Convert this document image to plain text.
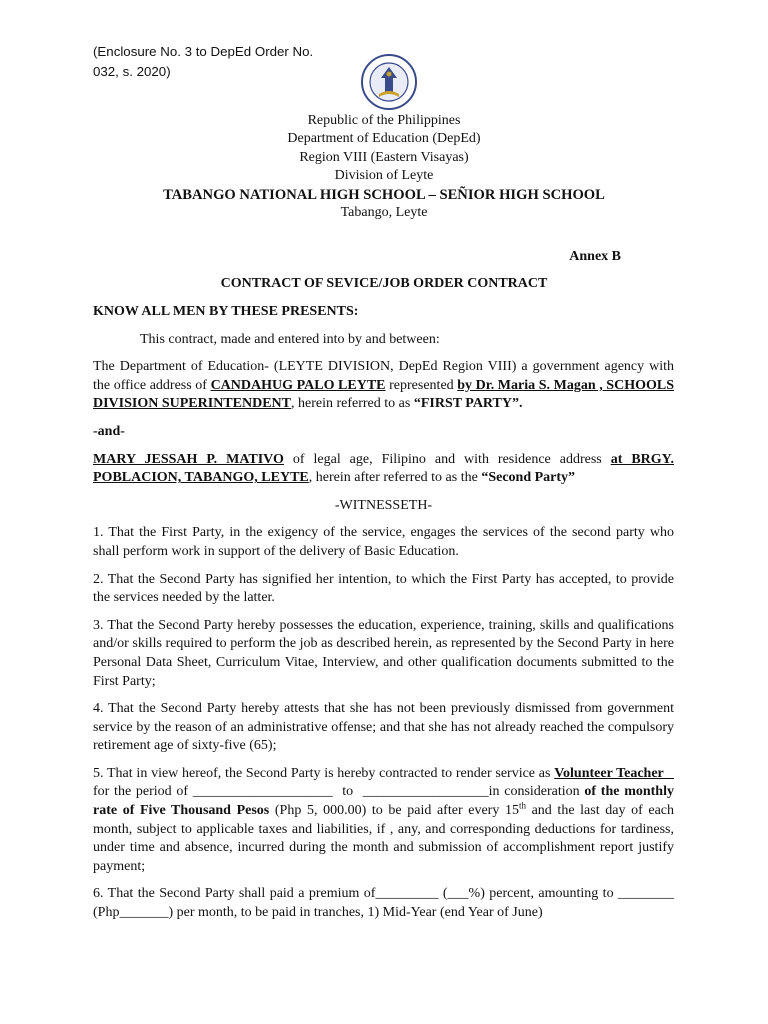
(Enclosure No. 3 to DepEd Order No. 032, s. 2020)
Republic of the Philippines
Department of Education (DepEd)
Region VIII (Eastern Visayas)
Division of Leyte
TABANGO NATIONAL HIGH SCHOOL – SEÑIOR HIGH SCHOOL
Tabango, Leyte
Annex B
CONTRACT OF SEVICE/JOB ORDER CONTRACT

KNOW ALL MEN BY THESE PRESENTS:

This contract, made and entered into by and between:

The Department of Education- (LEYTE DIVISION, DepEd Region VIII) a government agency with the office address of CANDAHUG PALO LEYTE represented by Dr. Maria S. Magan , SCHOOLS DIVISION SUPERINTENDENT, herein referred to as “FIRST PARTY”.

-and-

MARY JESSAH P. MATIVO of legal age, Filipino and with residence address at BRGY. POBLACION, TABANGO, LEYTE, herein after referred to as the “Second Party”

-WITNESSETH-

1. That the First Party, in the exigency of the service, engages the services of the second party who shall perform work in support of the delivery of Basic Education.

2. That the Second Party has signified her intention, to which the First Party has accepted, to provide the services needed by the latter.

3. That the Second Party hereby possesses the education, experience, training, skills and qualifications and/or skills required to perform the job as described herein, as represented by the Second Party in here Personal Data Sheet, Curriculum Vitae, Interview, and other qualification documents submitted to the First Party;

4. That the Second Party hereby attests that she has not been previously dismissed from government service by the reason of an administrative offense; and that she has not already reached the compulsory retirement age of sixty-five (65);

5. That in view hereof, the Second Party is hereby contracted to render service as Volunteer Teacher       for the period of ____________________  to  __________________in consideration of the monthly rate of Five Thousand Pesos (Php 5, 000.00) to be paid after every 15th and the last day of each month, subject to applicable taxes and liabilities, if , any, and corresponding deductions for tardiness, under time and absence, incurred during the month and submission of accomplishment report justify payment;

6. That the Second Party shall paid a premium of_________ (___%) percent, amounting to ________ (Php_______) per month, to be paid in tranches, 1) Mid-Year (end Year of June)
